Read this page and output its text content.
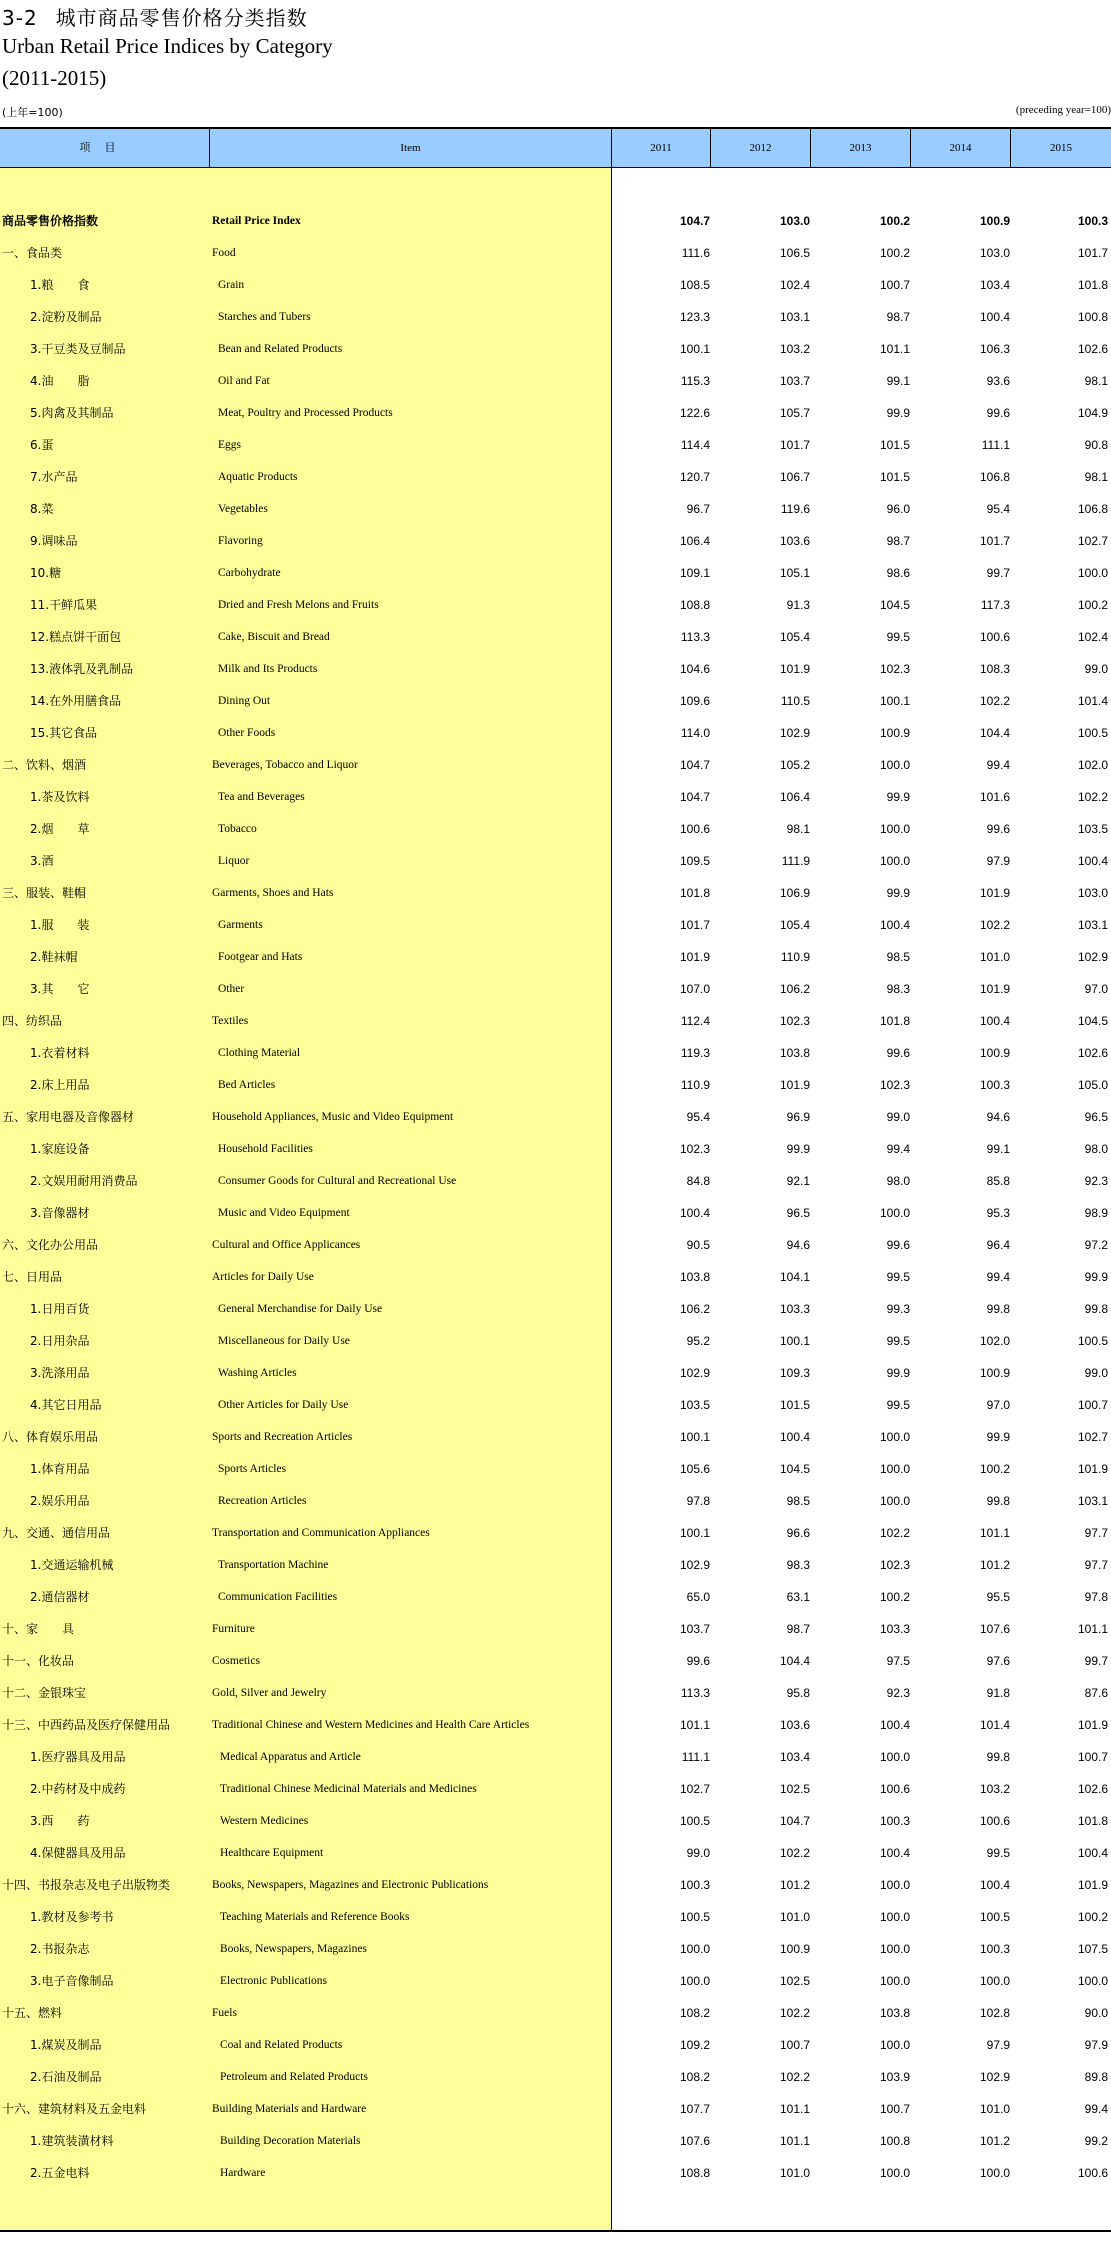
3-2 城市商品零售价格分类指数
Urban Retail Price Indices by Category
(2011-2015)
(上年=100)	(preceding year=100)
项目	Item	2011	2012	2013	2014	2015
商品零售价格指数	Retail Price Index	104.7	103.0	100.2	100.9	100.3
一、食品类	Food	111.6	106.5	100.2	103.0	101.7
1.粮　　食	Grain	108.5	102.4	100.7	103.4	101.8
2.淀粉及制品	Starches and Tubers	123.3	103.1	98.7	100.4	100.8
3.干豆类及豆制品	Bean and Related Products	100.1	103.2	101.1	106.3	102.6
4.油　　脂	Oil and Fat	115.3	103.7	99.1	93.6	98.1
5.肉禽及其制品	Meat, Poultry and Processed Products	122.6	105.7	99.9	99.6	104.9
6.蛋	Eggs	114.4	101.7	101.5	111.1	90.8
7.水产品	Aquatic Products	120.7	106.7	101.5	106.8	98.1
8.菜	Vegetables	96.7	119.6	96.0	95.4	106.8
9.调味品	Flavoring	106.4	103.6	98.7	101.7	102.7
10.糖	Carbohydrate	109.1	105.1	98.6	99.7	100.0
11.干鲜瓜果	Dried and Fresh Melons and Fruits	108.8	91.3	104.5	117.3	100.2
12.糕点饼干面包	Cake, Biscuit and Bread	113.3	105.4	99.5	100.6	102.4
13.液体乳及乳制品	Milk and Its Products	104.6	101.9	102.3	108.3	99.0
14.在外用膳食品	Dining Out	109.6	110.5	100.1	102.2	101.4
15.其它食品	Other Foods	114.0	102.9	100.9	104.4	100.5
二、饮料、烟酒	Beverages, Tobacco and Liquor	104.7	105.2	100.0	99.4	102.0
1.茶及饮料	Tea and Beverages	104.7	106.4	99.9	101.6	102.2
2.烟　　草	Tobacco	100.6	98.1	100.0	99.6	103.5
3.酒	Liquor	109.5	111.9	100.0	97.9	100.4
三、服装、鞋帽	Garments, Shoes and Hats	101.8	106.9	99.9	101.9	103.0
1.服　　装	Garments	101.7	105.4	100.4	102.2	103.1
2.鞋袜帽	Footgear and Hats	101.9	110.9	98.5	101.0	102.9
3.其　　它	Other	107.0	106.2	98.3	101.9	97.0
四、纺织品	Textiles	112.4	102.3	101.8	100.4	104.5
1.衣着材料	Clothing Material	119.3	103.8	99.6	100.9	102.6
2.床上用品	Bed Articles	110.9	101.9	102.3	100.3	105.0
五、家用电器及音像器材	Household Appliances, Music and Video Equipment	95.4	96.9	99.0	94.6	96.5
1.家庭设备	Household Facilities	102.3	99.9	99.4	99.1	98.0
2.文娱用耐用消费品	Consumer Goods for Cultural and Recreational Use	84.8	92.1	98.0	85.8	92.3
3.音像器材	Music and Video Equipment	100.4	96.5	100.0	95.3	98.9
六、文化办公用品	Cultural and Office Applicances	90.5	94.6	99.6	96.4	97.2
七、日用品	Articles for Daily Use	103.8	104.1	99.5	99.4	99.9
1.日用百货	General Merchandise for Daily Use	106.2	103.3	99.3	99.8	99.8
2.日用杂品	Miscellaneous for Daily Use	95.2	100.1	99.5	102.0	100.5
3.洗涤用品	Washing Articles	102.9	109.3	99.9	100.9	99.0
4.其它日用品	Other Articles for Daily Use	103.5	101.5	99.5	97.0	100.7
八、体育娱乐用品	Sports and Recreation Articles	100.1	100.4	100.0	99.9	102.7
1.体育用品	Sports Articles	105.6	104.5	100.0	100.2	101.9
2.娱乐用品	Recreation Articles	97.8	98.5	100.0	99.8	103.1
九、交通、通信用品	Transportation and Communication Appliances	100.1	96.6	102.2	101.1	97.7
1.交通运输机械	Transportation Machine	102.9	98.3	102.3	101.2	97.7
2.通信器材	Communication Facilities	65.0	63.1	100.2	95.5	97.8
十、家　　具	Furniture	103.7	98.7	103.3	107.6	101.1
十一、化妆品	Cosmetics	99.6	104.4	97.5	97.6	99.7
十二、金银珠宝	Gold, Silver and Jewelry	113.3	95.8	92.3	91.8	87.6
十三、中西药品及医疗保健用品	Traditional Chinese and Western Medicines and Health Care Articles	101.1	103.6	100.4	101.4	101.9
1.医疗器具及用品	Medical Apparatus and Article	111.1	103.4	100.0	99.8	100.7
2.中药材及中成药	Traditional Chinese Medicinal Materials and Medicines	102.7	102.5	100.6	103.2	102.6
3.西　　药	Western Medicines	100.5	104.7	100.3	100.6	101.8
4.保健器具及用品	Healthcare Equipment	99.0	102.2	100.4	99.5	100.4
十四、书报杂志及电子出版物类	Books, Newspapers, Magazines and Electronic Publications	100.3	101.2	100.0	100.4	101.9
1.教材及参考书	Teaching Materials and Reference Books	100.5	101.0	100.0	100.5	100.2
2.书报杂志	Books, Newspapers, Magazines	100.0	100.9	100.0	100.3	107.5
3.电子音像制品	Electronic Publications	100.0	102.5	100.0	100.0	100.0
十五、燃料	Fuels	108.2	102.2	103.8	102.8	90.0
1.煤炭及制品	Coal and Related Products	109.2	100.7	100.0	97.9	97.9
2.石油及制品	Petroleum and Related Products	108.2	102.2	103.9	102.9	89.8
十六、建筑材料及五金电料	Building Materials and Hardware	107.7	101.1	100.7	101.0	99.4
1.建筑装潢材料	Building Decoration Materials	107.6	101.1	100.8	101.2	99.2
2.五金电料	Hardware	108.8	101.0	100.0	100.0	100.6
